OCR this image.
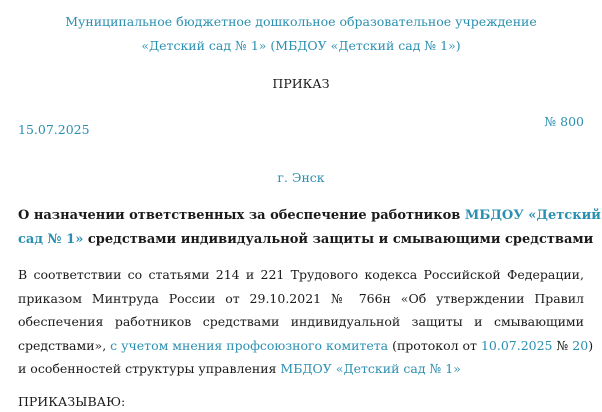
Муниципальное бюджетное дошкольное образовательное учреждение
«Детский сад № 1» (МБДОУ «Детский сад № 1»)
ПРИКАЗ
15.07.2025
№ 800
г. Энск
О назначении ответственных за обеспечение работников МБДОУ «Детский
сад № 1» средствами индивидуальной защиты и смывающими средствами
В соответствии со статьями 214 и 221 Трудового кодекса Российской Федерации,
приказом Минтруда России от 29.10.2021 № 766н «Об утверждении Правил
обеспечения работников средствами индивидуальной защиты и смывающими
средствами», с учетом мнения профсоюзного комитета (протокол от 10.07.2025 № 20)
и особенностей структуры управления МБДОУ «Детский сад № 1»
ПРИКАЗЫВАЮ:
